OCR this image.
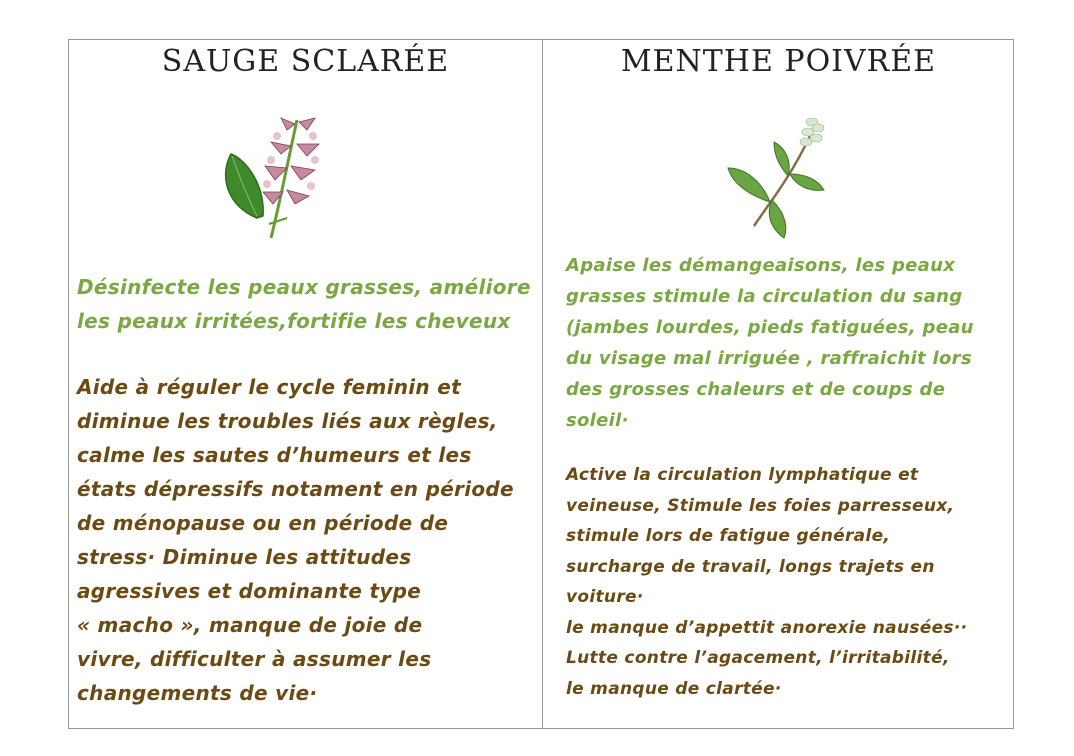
SAUGE SCLARÉE

Désinfecte les peaux grasses, améliore
les peaux irritées,fortifie les cheveux

Aide à réguler le cycle feminin et
diminue les troubles liés aux règles,
calme les sautes d’humeurs et les
états dépressifs notament en période
de ménopause ou en période de
stress· Diminue les attitudes
agressives et dominante type
« macho », manque de joie de
vivre, difficulter à assumer les
changements de vie·

MENTHE POIVRÉE

Apaise les démangeaisons, les peaux
grasses stimule la circulation du sang
(jambes lourdes, pieds fatiguées, peau
du visage mal irriguée , raffraichit lors
des grosses chaleurs et de coups de
soleil·

Active la circulation lymphatique et
veineuse, Stimule les foies parresseux,
stimule lors de fatigue générale,
surcharge de travail, longs trajets en
voiture·
le manque d’appettit anorexie nausées··
Lutte contre l’agacement, l’irritabilité,
le manque de clartée·
